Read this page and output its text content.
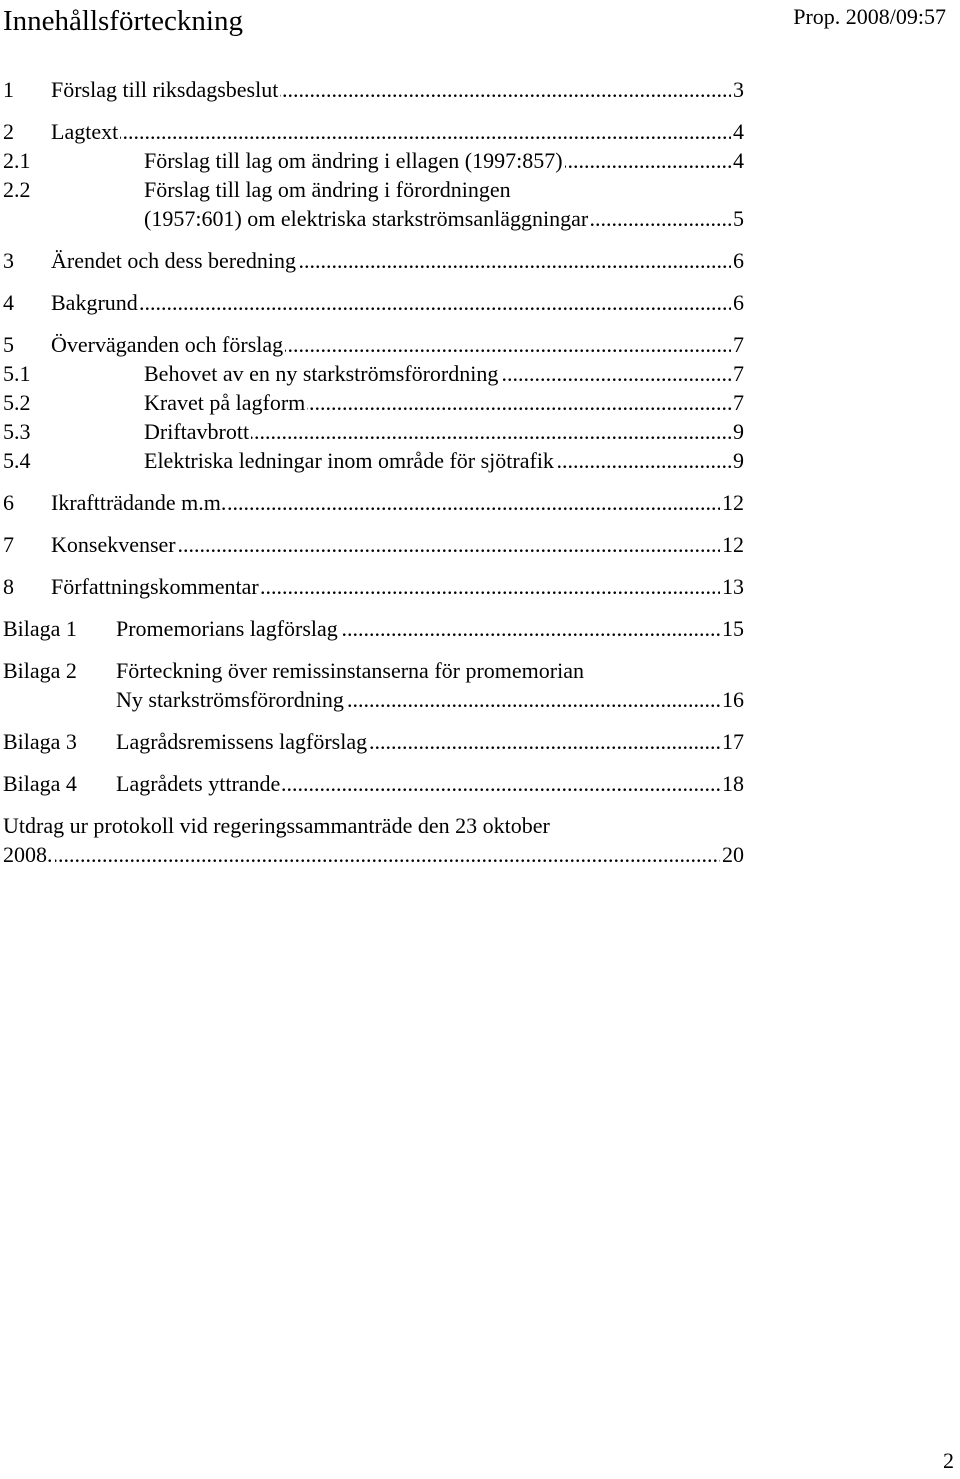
Innehållsförteckning	Prop. 2008/09:57
1 ..... Förslag till riksdagsbeslut	3
2 ..... Lagtext	4
2.1 .....	Förslag till lag om ändring i ellagen (1997:857)	4
2.2	Förslag till lag om ändring i förordningen
.....
(1957:601) om elektriska starkströmsanläggningar	5
3 ..... Ärendet och dess beredning	6
4 ..... Bakgrund	6
5 ..... Överväganden och förslag	7
5.1 .....	Behovet av en ny starkströmsförordning	7
5.2 .....	Kravet på lagform	7
5.3 .....	Driftavbrott	9
5.4 .....	Elektriska ledningar inom område för sjötrafik	9
6 ..... Ikraftträdande m.m.	12
7 ..... Konsekvenser	12
8 ..... Författningskommentar	13
Bilaga 1 ..... Promemorians lagförslag	15
Bilaga 2 Förteckning över remissinstanserna för promemorian
.....
Ny starkströmsförordning	16
Bilaga 3 ..... Lagrådsremissens lagförslag	17
Bilaga 4 ..... Lagrådets yttrande	18
Utdrag ur protokoll vid regeringssammanträde den 23 oktober
.....
2008.	20
2
